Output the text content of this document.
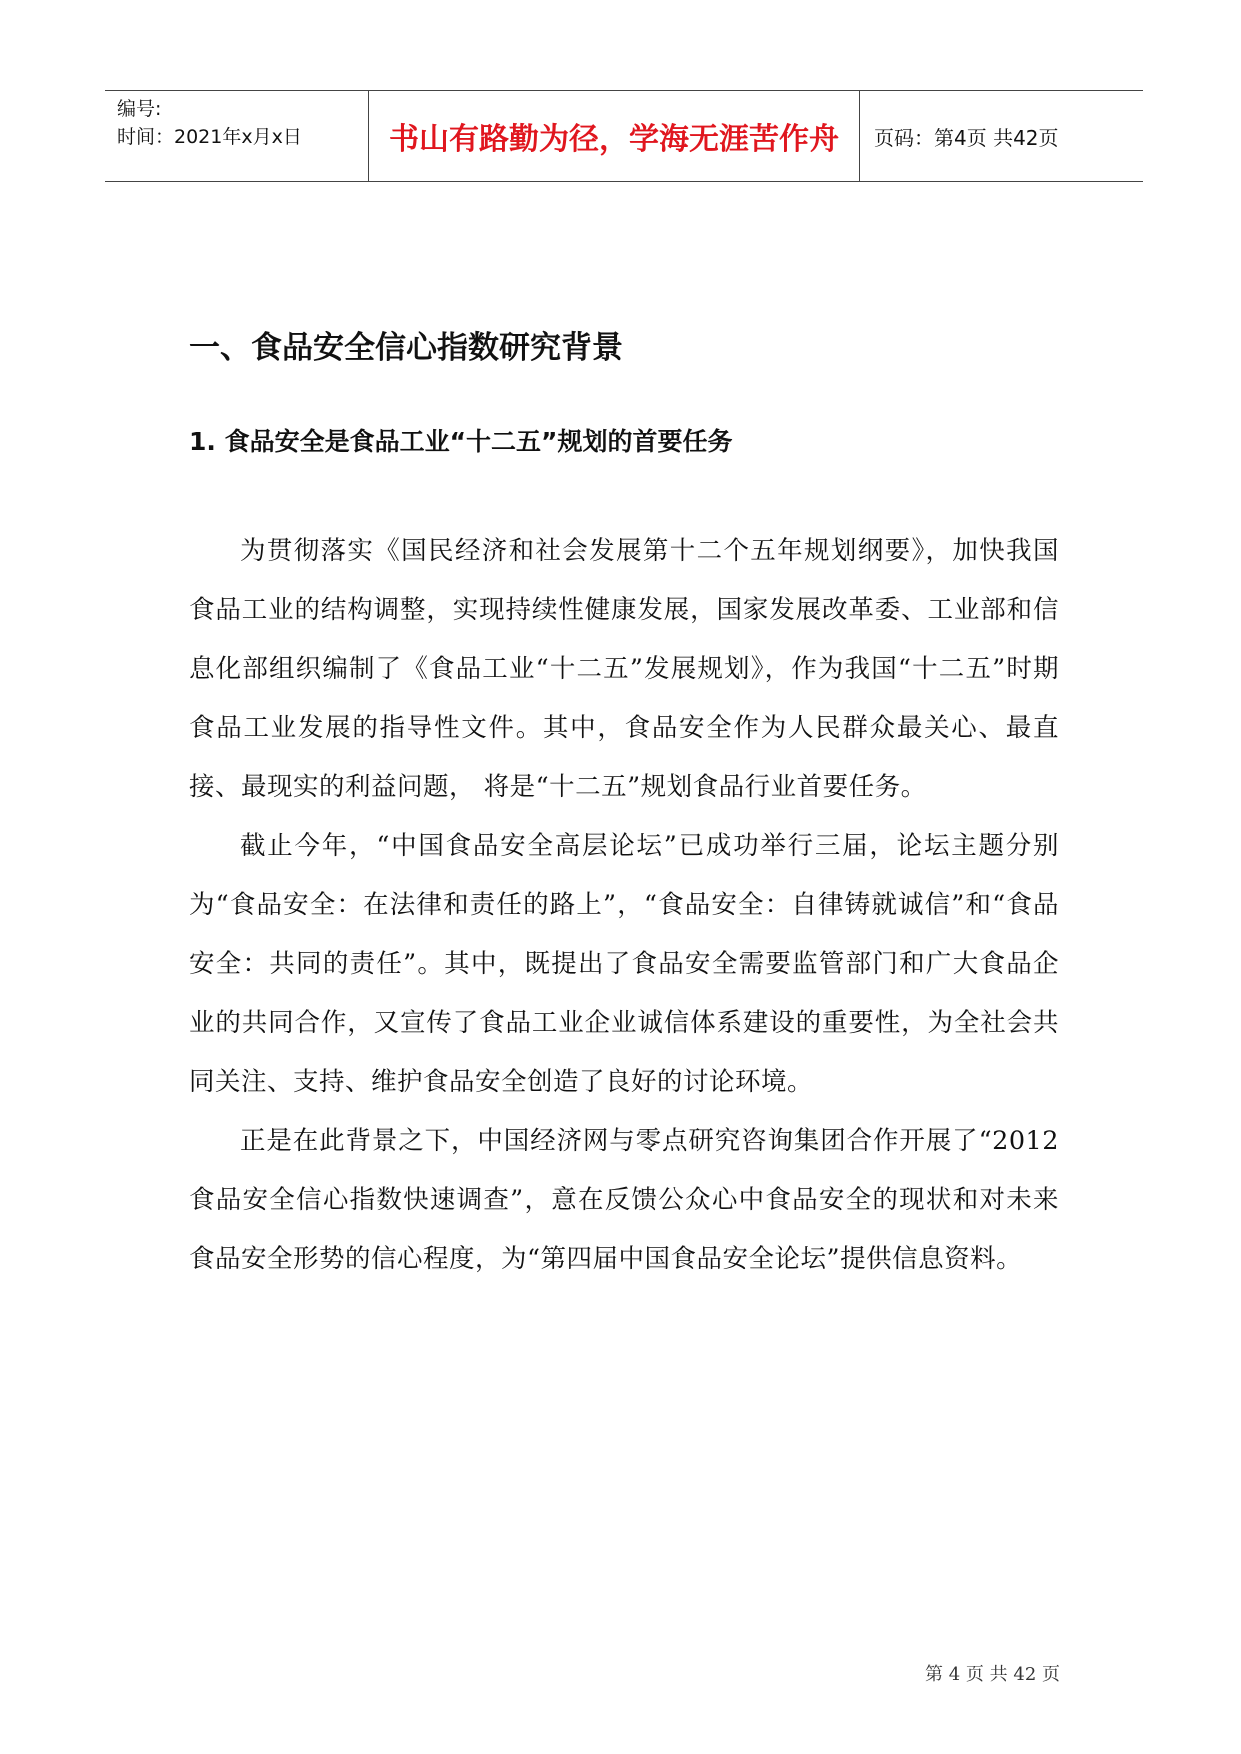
编号:
时间：2021年x月x日	书山有路勤为径，学海无涯苦作舟	页码：第4页 共42页
一、食品安全信心指数研究背景
1. 食品安全是食品工业“十二五”规划的首要任务

为贯彻落实《国民经济和社会发展第十二个五年规划纲要》，加快我国食品工业的结构调整，实现持续性健康发展，国家发展改革委、工业部和信息化部组织编制了《食品工业“十二五”发展规划》，作为我国“十二五”时期食品工业发展的指导性文件。其中，食品安全作为人民群众最关心、最直接、最现实的利益问题， 将是“十二五”规划食品行业首要任务。

截止今年，“中国食品安全高层论坛”已成功举行三届，论坛主题分别为“食品安全：在法律和责任的路上”，“食品安全：自律铸就诚信”和“食品安全：共同的责任”。其中，既提出了食品安全需要监管部门和广大食品企业的共同合作，又宣传了食品工业企业诚信体系建设的重要性，为全社会共同关注、支持、维护食品安全创造了良好的讨论环境。

正是在此背景之下，中国经济网与零点研究咨询集团合作开展了“2012食品安全信心指数快速调查”，意在反馈公众心中食品安全的现状和对未来食品安全形势的信心程度，为“第四届中国食品安全论坛”提供信息资料。

第 4 页 共 42 页
